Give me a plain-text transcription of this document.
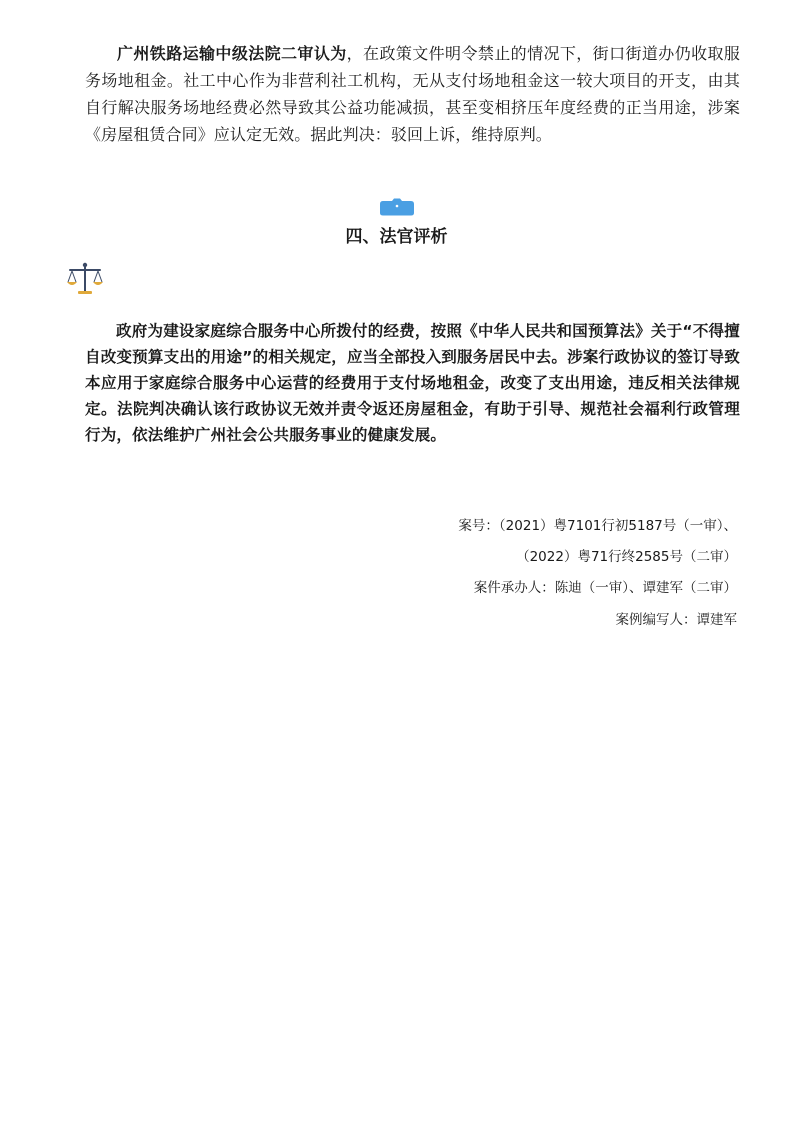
广州铁路运输中级法院二审认为，在政策文件明令禁止的情况下，街口街道办仍收取服务场地租金。社工中心作为非营利社工机构，无从支付场地租金这一较大项目的开支，由其自行解决服务场地经费必然导致其公益功能减损，甚至变相挤压年度经费的正当用途，涉案《房屋租赁合同》应认定无效。据此判决：驳回上诉，维持原判。

四、法官评析

政府为建设家庭综合服务中心所拨付的经费，按照《中华人民共和国预算法》关于“不得擅自改变预算支出的用途”的相关规定，应当全部投入到服务居民中去。涉案行政协议的签订导致本应用于家庭综合服务中心运营的经费用于支付场地租金，改变了支出用途，违反相关法律规定。法院判决确认该行政协议无效并责令返还房屋租金，有助于引导、规范社会福利行政管理行为，依法维护广州社会公共服务事业的健康发展。

案号：（2021）粤7101行初5187号（一审）、

（2022）粤71行终2585号（二审）

案件承办人：陈迪（一审）、谭建军（二审）

案例编写人：谭建军
